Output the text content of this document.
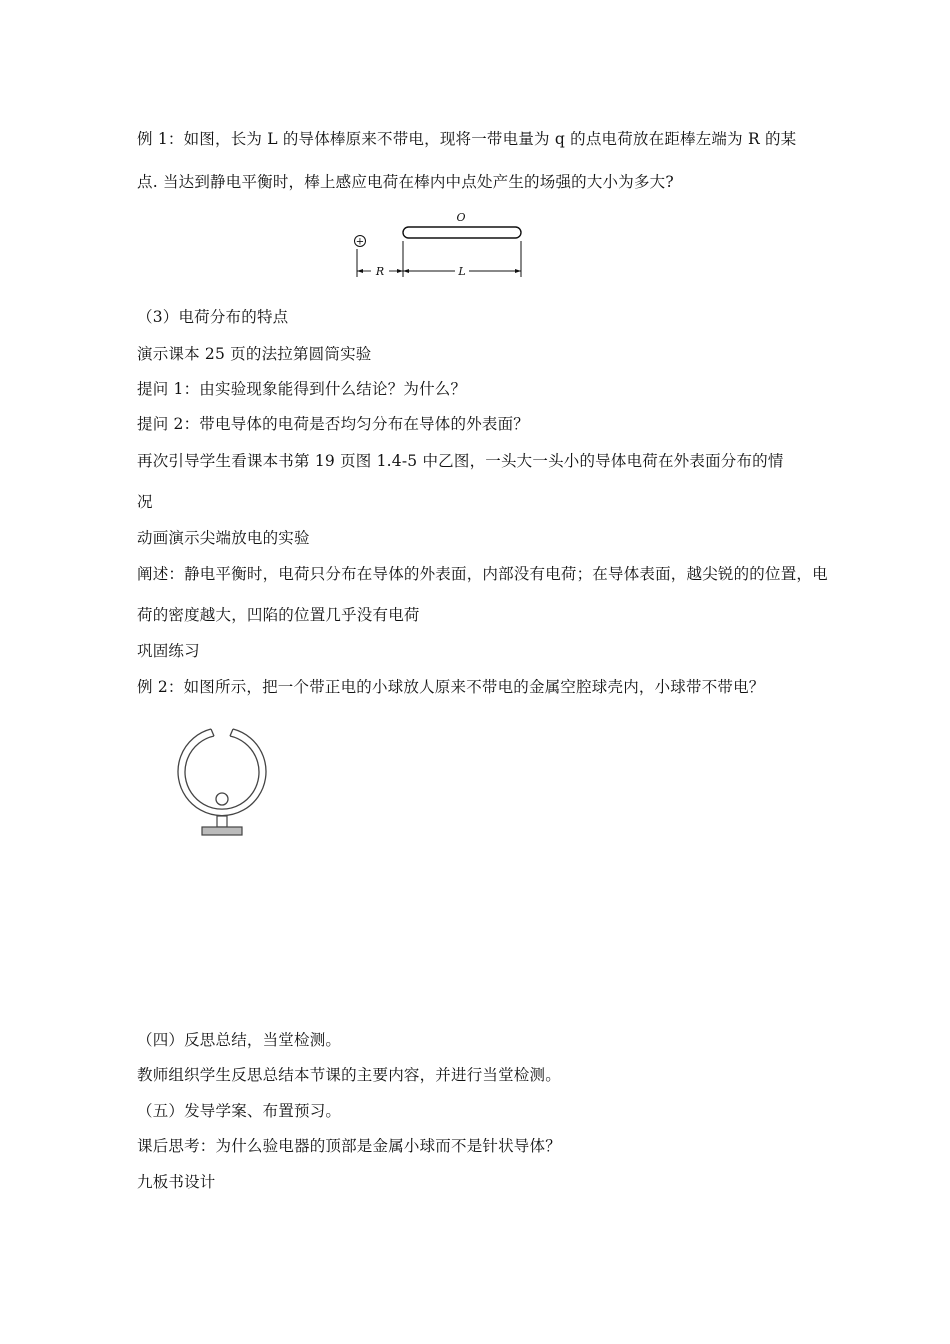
例 1：如图，长为 L 的导体棒原来不带电，现将一带电量为 q 的点电荷放在距棒左端为 R 的某
点. 当达到静电平衡时，棒上感应电荷在棒内中点处产生的场强的大小为多大?
+
O
R	L
（3）电荷分布的特点
演示课本 25 页的法拉第圆筒实验
提问 1：由实验现象能得到什么结论？为什么？
提问 2：带电导体的电荷是否均匀分布在导体的外表面？
再次引导学生看课本书第 19 页图 1.4-5 中乙图，一头大一头小的导体电荷在外表面分布的情
况
动画演示尖端放电的实验
阐述：静电平衡时，电荷只分布在导体的外表面，内部没有电荷；在导体表面，越尖锐的的位置，电
荷的密度越大，凹陷的位置几乎没有电荷
巩固练习
例 2：如图所示，把一个带正电的小球放人原来不带电的金属空腔球壳内，小球带不带电？
（四）反思总结，当堂检测。
教师组织学生反思总结本节课的主要内容，并进行当堂检测。
（五）发导学案、布置预习。
课后思考：为什么验电器的顶部是金属小球而不是针状导体？
九板书设计
